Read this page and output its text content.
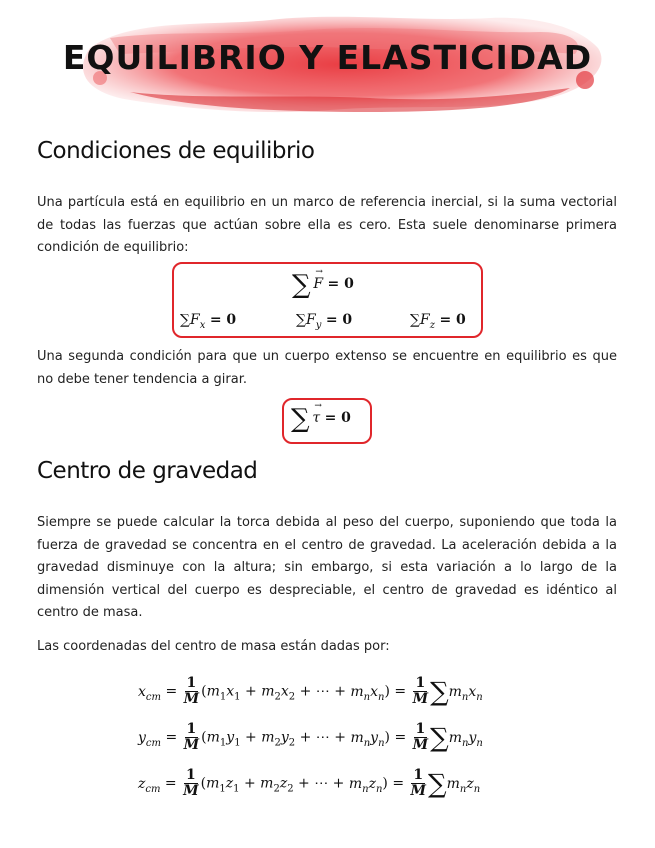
EQUILIBRIO Y ELASTICIDAD
Condiciones de equilibrio

Una partícula está en equilibrio en un marco de referencia inercial, si la suma vectorial de todas las fuerzas que actúan sobre ella es cero. Esta suele denominarse primera condición de equilibrio:

∑  → F = 0
$\sum F_x = 0$	$\sum F_y = 0$	$\sum F_z = 0$

Una segunda condición para que un cuerpo extenso se encuentre en equilibrio es que no debe tener tendencia a girar.

∑  → τ = 0
Centro de gravedad

Siempre se puede calcular la torca debida al peso del cuerpo, suponiendo que toda la fuerza de gravedad se concentra en el centro de gravedad. La aceleración debida a la gravedad disminuye con la altura; sin embargo, si esta variación a lo largo de la dimensión vertical del cuerpo es despreciable, el centro de gravedad es idéntico al centro de masa.

Las coordenadas del centro de masa están dadas por:

$x_{cm} = \frac{1}{M} (m_1x_1 + m_2x_2$ + ⋯ + $m_nx_n) = \frac{1}{M} \sum m_nx_n$
$y_{cm} = \frac{1}{M} (m_1y_1 + m_2y_2$ + ⋯ + $m_ny_n) = \frac{1}{M} \sum m_ny_n$
$z_{cm} = \frac{1}{M} (m_1z_1 + m_2z_2$ + ⋯ + $m_nz_n) = \frac{1}{M} \sum m_nz_n$
